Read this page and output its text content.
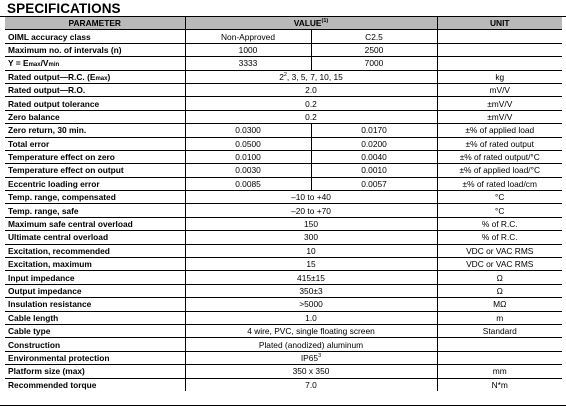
SPECIFICATIONS
PARAMETER	VALUE$^{(1)}$		UNIT
OIML accuracy class	Non-Approved	C2.5	
Maximum no. of intervals (n)	1000	2500	
Y = Emax/Vmin	3333	7000	
Rated output—R.C. (Emax)	$2^2$, 3, 5, 7, 10, 15		kg
Rated output—R.O.	2.0		mV/V
Rated output tolerance	0.2		±mV/V
Zero balance	0.2		±mV/V
Zero return, 30 min.	0.0300	0.0170	±% of applied load
Total error	0.0500	0.0200	±% of rated output
Temperature effect on zero	0.0100	0.0040	±% of rated output/°C
Temperature effect on output	0.0030	0.0010	±% of applied load/°C
Eccentric loading error	0.0085	0.0057	±% of rated load/cm
Temp. range, compensated	–10 to +40		°C
Temp. range, safe	–20 to +70		°C
Maximum safe central overload	150		% of R.C.
Ultimate central overload	300		% of R.C.
Excitation, recommended	10		VDC or VAC RMS
Excitation, maximum	15		VDC or VAC RMS
Input impedance	415±15		Ω
Output impedance	350±3		Ω
Insulation resistance	>5000		MΩ
Cable length	1.0		m
Cable type	4 wire, PVC, single floating screen		Standard
Construction	Plated (anodized) aluminum		
Environmental protection	$IP65^3$	
Platform size (max)	350 x 350		mm
Recommended torque	7.0		N*m
